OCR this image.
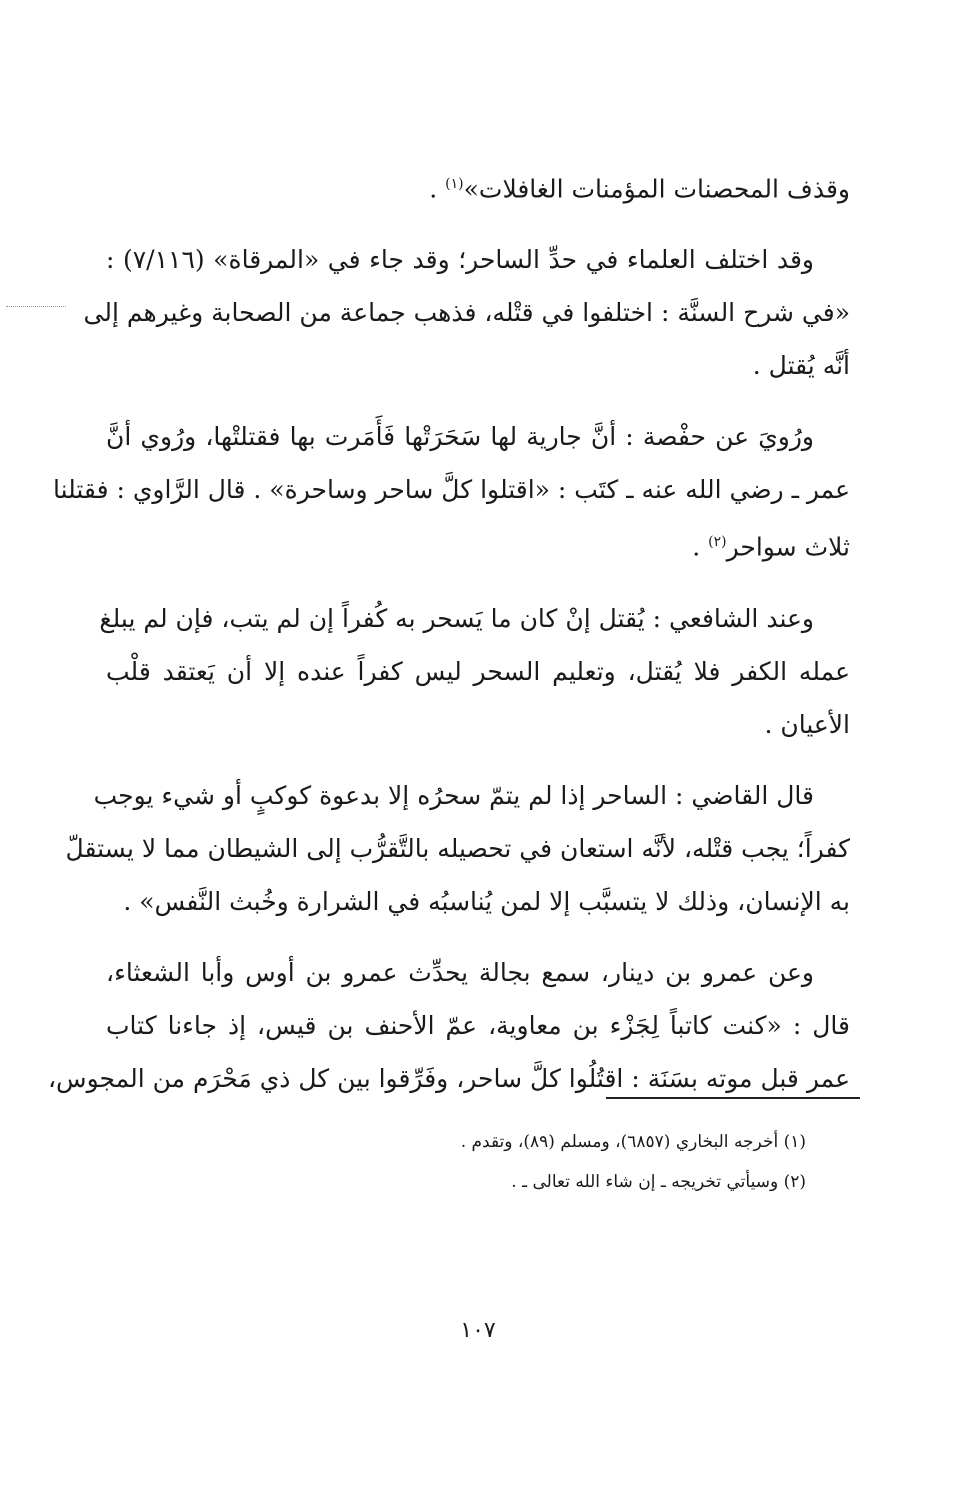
وقذف المحصنات المؤمنات الغافلات»$^{(١)}$ .

وقد اختلف العلماء في حدِّ الساحر؛ وقد جاء في «المرقاة» (٧/١١٦) :
«في شرح السنَّة : اختلفوا في قتْله، فذهب جماعة من الصحابة وغيرهم إلى
أنَّه يُقتل .

ورُويَ عن حفْصة : أنَّ جارية لها سَحَرَتْها فَأَمَرت بها فقتلتْها، ورُوي أنَّ
عمر ـ رضي الله عنه ـ كتَب : «اقتلوا كلَّ ساحر وساحرة» . قال الرَّاوي : فقتلنا
ثلاث سواحر$^{(٢)}$ .

وعند الشافعي : يُقتل إنْ كان ما يَسحر به كُفراً إن لم يتب، فإن لم يبلغ
عمله الكفر فلا يُقتل، وتعليم السحر ليس كفراً عنده إلا أن يَعتقد قلْب
الأعيان .

قال القاضي : الساحر إذا لم يتمّ سحرُه إلا بدعوة كوكبٍ أو شيء يوجب
كفراً؛ يجب قتْله، لأنَّه استعان في تحصيله بالتَّقرُّب إلى الشيطان مما لا يستقلّ
به الإنسان، وذلك لا يتسبَّب إلا لمن يُناسبُه في الشرارة وخُبث النَّفس» .

وعن عمرو بن دينار، سمع بجالة يحدِّث عمرو بن أوس وأبا الشعثاء،
قال : «كنت كاتباً لِجَزْء بن معاوية، عمّ الأحنف بن قيس، إذ جاءنا كتاب
عمر قبل موته بسَنَة : اقتُلُوا كلَّ ساحر، وفَرِّقوا بين كل ذي مَحْرَم من المجوس،

(١) أخرجه البخاري (٦٨٥٧)، ومسلم (٨٩)، وتقدم .
(٢) وسيأتي تخريجه ـ إن شاء الله تعالى ـ .
١٠٧
